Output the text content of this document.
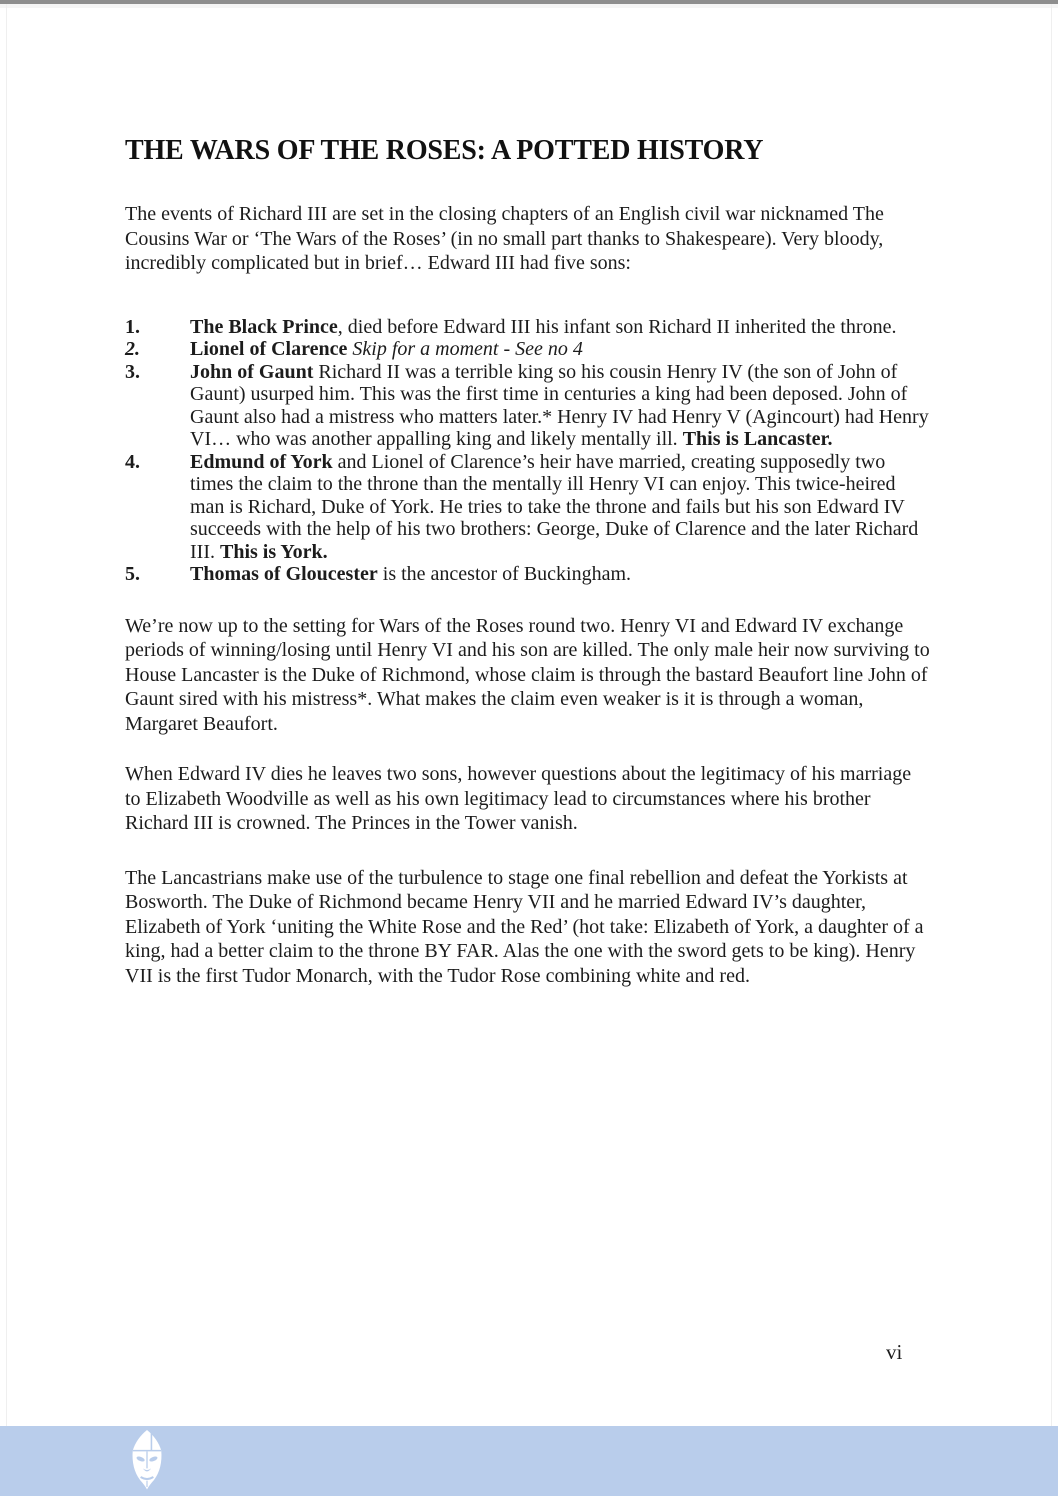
THE WARS OF THE ROSES: A POTTED HISTORY

The events of Richard III are set in the closing chapters of an English civil war nicknamed The Cousins War or ‘The Wars of the Roses’ (in no small part thanks to Shakespeare). Very bloody, incredibly complicated but in brief… Edward III had five sons:

1.	The Black Prince, died before Edward III his infant son Richard II inherited the throne.
2.	Lionel of Clarence Skip for a moment - See no 4
3.	John of Gaunt Richard II was a terrible king so his cousin Henry IV (the son of John of Gaunt) usurped him. This was the first time in centuries a king had been deposed. John of Gaunt also had a mistress who matters later.* Henry IV had Henry V (Agincourt) had Henry VI… who was another appalling king and likely mentally ill. This is Lancaster.
4.	Edmund of York and Lionel of Clarence’s heir have married, creating supposedly two times the claim to the throne than the mentally ill Henry VI can enjoy. This twice-heired man is Richard, Duke of York. He tries to take the throne and fails but his son Edward IV succeeds with the help of his two brothers: George, Duke of Clarence and the later Richard III. This is York.
5.	Thomas of Gloucester is the ancestor of Buckingham.

We’re now up to the setting for Wars of the Roses round two. Henry VI and Edward IV exchange periods of winning/losing until Henry VI and his son are killed. The only male heir now surviving to House Lancaster is the Duke of Richmond, whose claim is through the bastard Beaufort line John of Gaunt sired with his mistress*. What makes the claim even weaker is it is through a woman, Margaret Beaufort.

When Edward IV dies he leaves two sons, however questions about the legitimacy of his marriage to Elizabeth Woodville as well as his own legitimacy lead to circumstances where his brother Richard III is crowned. The Princes in the Tower vanish.

The Lancastrians make use of the turbulence to stage one final rebellion and defeat the Yorkists at Bosworth. The Duke of Richmond became Henry VII and he married Edward IV’s daughter, Elizabeth of York ‘uniting the White Rose and the Red’ (hot take: Elizabeth of York, a daughter of a king, had a better claim to the throne BY FAR. Alas the one with the sword gets to be king). Henry VII is the first Tudor Monarch, with the Tudor Rose combining white and red.

vi
